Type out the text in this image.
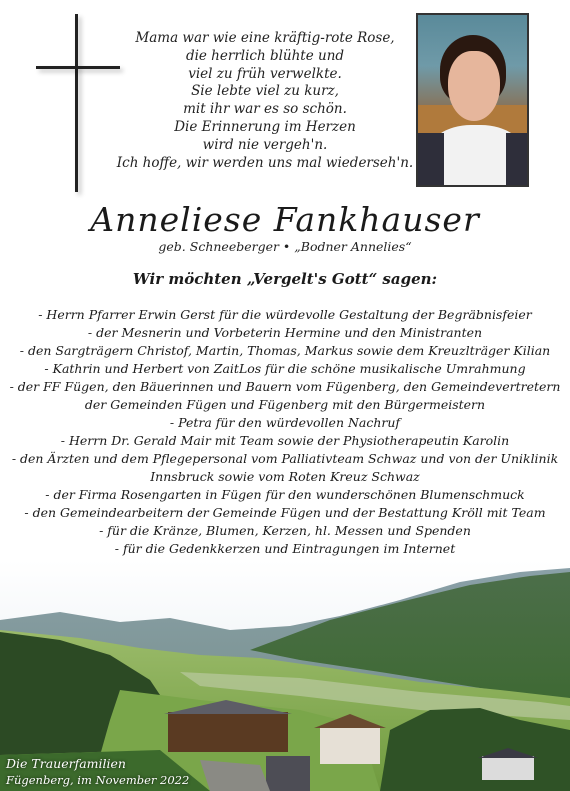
Mama war wie eine kräftig-rote Rose,
die herrlich blühte und
viel zu früh verwelkte.
Sie lebte viel zu kurz,
mit ihr war es so schön.
Die Erinnerung im Herzen
wird nie vergeh'n.
Ich hoffe, wir werden uns mal wiederseh'n.
Anneliese Fankhauser
geb. Schneeberger • „Bodner Annelies“
Wir möchten „Vergelt's Gott“ sagen:
- Herrn Pfarrer Erwin Gerst für die würdevolle Gestaltung der Begräbnisfeier
- der Mesnerin und Vorbeterin Hermine und den Ministranten
- den Sargträgern Christof, Martin, Thomas, Markus sowie dem Kreuzlträger Kilian
- Kathrin und Herbert von ZaitLos für die schöne musikalische Umrahmung
- der FF Fügen, den Bäuerinnen und Bauern vom Fügenberg, den Gemeindevertretern
der Gemeinden Fügen und Fügenberg mit den Bürgermeistern
- Petra für den würdevollen Nachruf
- Herrn Dr. Gerald Mair mit Team sowie der Physiotherapeutin Karolin
- den Ärzten und dem Pflegepersonal vom Palliativteam Schwaz und von der Uniklinik
Innsbruck sowie vom Roten Kreuz Schwaz
- der Firma Rosengarten in Fügen für den wunderschönen Blumenschmuck
- den Gemeindearbeitern der Gemeinde Fügen und der Bestattung Kröll mit Team
- für die Kränze, Blumen, Kerzen, hl. Messen und Spenden
- für die Gedenkkerzen und Eintragungen im Internet
Die Trauerfamilien
Fügenberg, im November 2022
